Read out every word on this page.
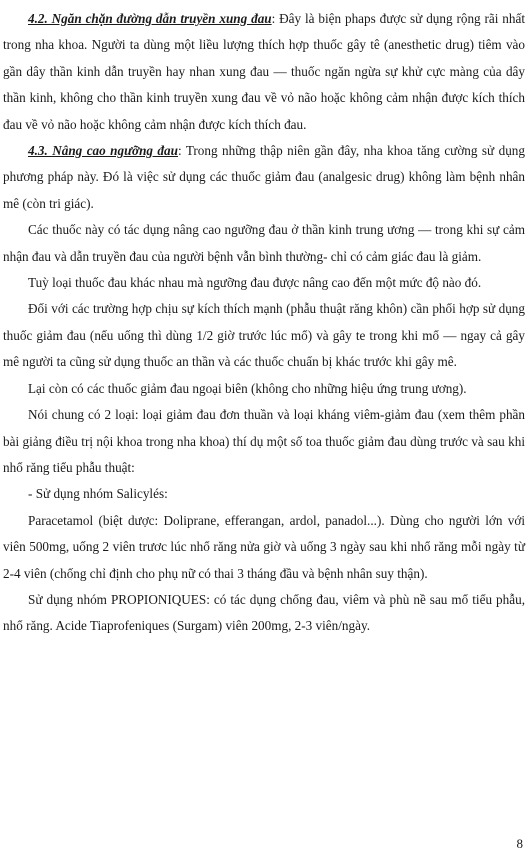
4.2. Ngăn chặn đường dẫn truyền xung đau: Đây là biện phaps được sử dụng rộng rãi nhất trong nha khoa. Người ta dùng một liều lượng thích hợp thuốc gây tê (anesthetic drug) tiêm vào gần dây thần kinh dẫn truyền hay nhan xung đau — thuốc ngăn ngừa sự khử cực màng của dây thần kinh, không cho thần kinh truyền xung đau về vỏ não hoặc không cảm nhận được kích thích đau về vỏ não hoặc không cảm nhận được kích thích đau.

4.3. Nâng cao ngưỡng đau: Trong những thập niên gần đây, nha khoa tăng cường sử dụng phương pháp này. Đó là việc sử dụng các thuốc giảm đau (analgesic drug) không làm bệnh nhân mê (còn tri giác).

Các thuốc này có tác dụng nâng cao ngưỡng đau ở thần kinh trung ương — trong khi sự cảm nhận đau và dẫn truyền đau của người bệnh vẫn bình thường- chỉ có cảm giác đau là giảm.

Tuỳ loại thuốc đau khác nhau mà ngưỡng đau được nâng cao đến một mức độ nào đó.

Đối với các trường hợp chịu sự kích thích mạnh (phẫu thuật răng khôn) cần phối hợp sử dụng thuốc giảm đau (nếu uống thì dùng 1/2 giờ trước lúc mổ) và gây te trong khi mổ — ngay cả gây mê người ta cũng sử dụng thuốc an thần và các thuốc chuẩn bị khác trước khi gây mê.

Lại còn có các thuốc giảm đau ngoại biên (không cho những hiệu ứng trung ương).

Nói chung có 2 loại: loại giảm đau đơn thuần và loại kháng viêm-giảm đau (xem thêm phần bài giảng điều trị nội khoa trong nha khoa) thí dụ một số toa thuốc giảm đau dùng trước và sau khi nhổ răng tiểu phẫu thuật:

- Sử dụng nhóm Salicylés:

Paracetamol (biệt dược: Doliprane, efferangan, ardol, panadol...). Dùng cho người lớn với viên 500mg, uống 2 viên trươc lúc nhổ răng nửa giờ và uống 3 ngày sau khi nhổ răng mỗi ngày từ 2-4 viên (chống chỉ định cho phụ nữ có thai 3 tháng đầu và bệnh nhân suy thận).

Sử dụng nhóm PROPIONIQUES: có tác dụng chống đau, viêm và phù nề sau mổ tiểu phẫu, nhổ răng. Acide Tiaprofeniques (Surgam) viên 200mg, 2-3 viên/ngày.

8
